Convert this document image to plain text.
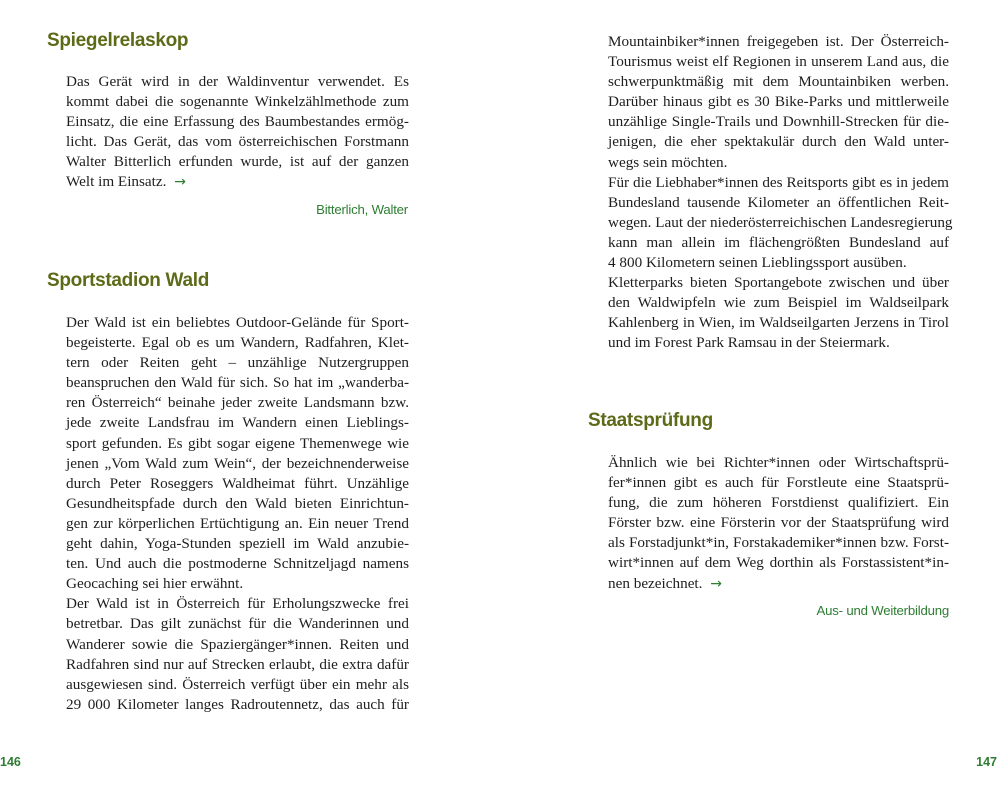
Spiegelrelaskop
Das Gerät wird in der Waldinventur verwendet. Es
kommt dabei die sogenannte Winkelzählmethode zum
Einsatz, die eine Erfassung des Baumbestandes ermög-
licht. Das Gerät, das vom österreichischen Forstmann
Walter Bitterlich erfunden wurde, ist auf der ganzen
Welt im Einsatz. →
Bitterlich, Walter
Sportstadion Wald
Der Wald ist ein beliebtes Outdoor-Gelände für Sport-
begeisterte. Egal ob es um Wandern, Radfahren, Klet-
tern oder Reiten geht – unzählige Nutzergruppen
beanspruchen den Wald für sich. So hat im „wanderba-
ren Österreich“ beinahe jeder zweite Landsmann bzw.
jede zweite Landsfrau im Wandern einen Lieblings-
sport gefunden. Es gibt sogar eigene Themenwege wie
jenen „Vom Wald zum Wein“, der bezeichnenderweise
durch Peter Roseggers Waldheimat führt. Unzählige
Gesundheitspfade durch den Wald bieten Einrichtun-
gen zur körperlichen Ertüchtigung an. Ein neuer Trend
geht dahin, Yoga-Stunden speziell im Wald anzubie-
ten. Und auch die postmoderne Schnitzeljagd namens
Geocaching sei hier erwähnt.
Der Wald ist in Österreich für Erholungszwecke frei
betretbar. Das gilt zunächst für die Wanderinnen und
Wanderer sowie die Spaziergänger*innen. Reiten und
Radfahren sind nur auf Strecken erlaubt, die extra dafür
ausgewiesen sind. Österreich verfügt über ein mehr als
29 000 Kilometer langes Radroutennetz, das auch für
146
Mountainbiker*innen freigegeben ist. Der Österreich-
Tourismus weist elf Regionen in unserem Land aus, die
schwerpunktmäßig mit dem Mountainbiken werben.
Darüber hinaus gibt es 30 Bike-Parks und mittlerweile
unzählige Single-Trails und Downhill-Strecken für die-
jenigen, die eher spektakulär durch den Wald unter-
wegs sein möchten.
Für die Liebhaber*innen des Reitsports gibt es in jedem
Bundesland tausende Kilometer an öffentlichen Reit-
wegen. Laut der niederösterreichischen Landesregierung
kann man allein im flächengrößten Bundesland auf
4 800 Kilometern seinen Lieblingssport ausüben.
Kletterparks bieten Sportangebote zwischen und über
den Waldwipfeln wie zum Beispiel im Waldseilpark
Kahlenberg in Wien, im Waldseilgarten Jerzens in Tirol
und im Forest Park Ramsau in der Steiermark.
Staatsprüfung
Ähnlich wie bei Richter*innen oder Wirtschaftsprü-
fer*innen gibt es auch für Forstleute eine Staatsprü-
fung, die zum höheren Forstdienst qualifiziert. Ein
Förster bzw. eine Försterin vor der Staatsprüfung wird
als Forstadjunkt*in, Forstakademiker*innen bzw. Forst-
wirt*innen auf dem Weg dorthin als Forstassistent*in-
nen bezeichnet. →
Aus- und Weiterbildung
147
